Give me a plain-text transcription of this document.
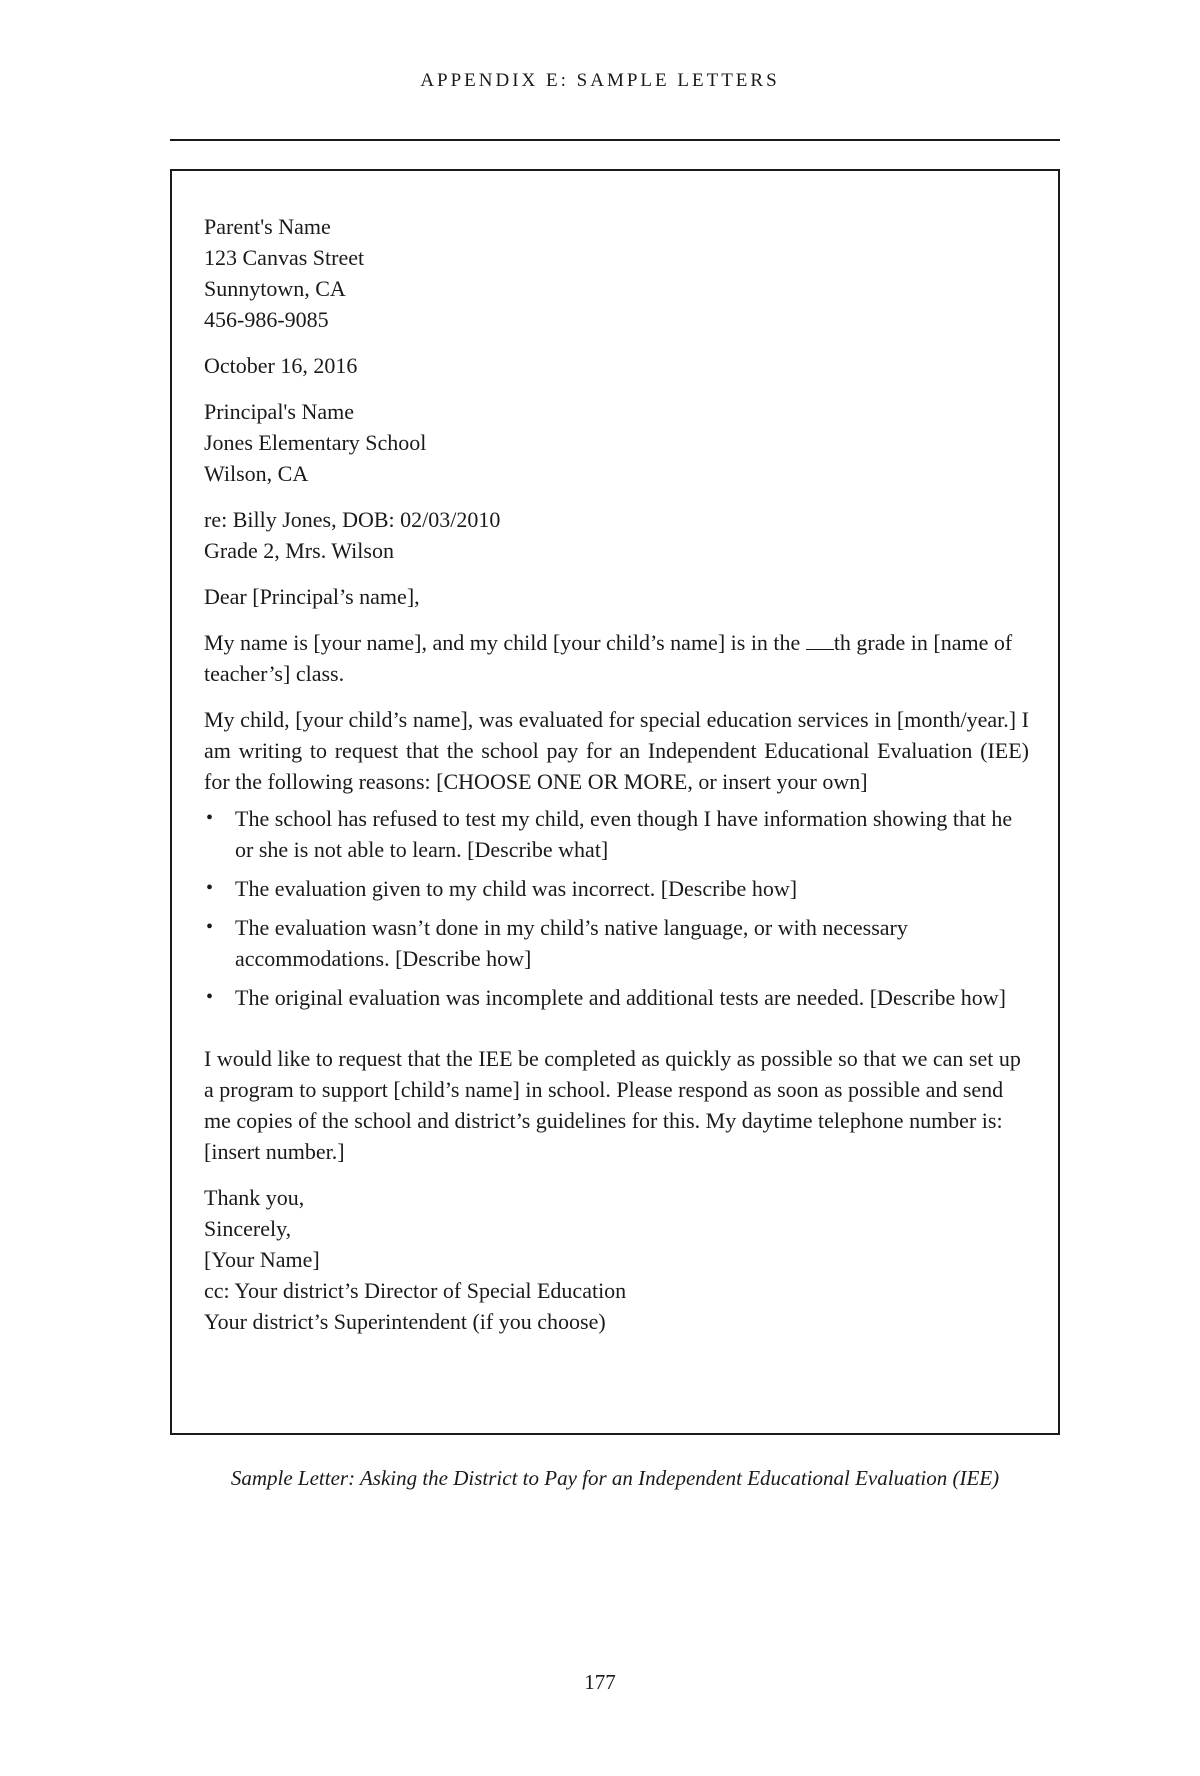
APPENDIX E: SAMPLE LETTERS

Parent's Name
123 Canvas Street
Sunnytown, CA
456-986-9085

October 16, 2016

Principal's Name
Jones Elementary School
Wilson, CA

re: Billy Jones, DOB: 02/03/2010
Grade 2, Mrs. Wilson

Dear [Principal’s name],

My name is [your name], and my child [your child’s name] is in the th grade in [name of teacher’s] class.

My child, [your child’s name], was evaluated for special education services in [month/year.] I am writing to request that the school pay for an Independent Educational Evaluation (IEE) for the following reasons: [CHOOSE ONE OR MORE, or insert your own]

• The school has refused to test my child, even though I have information showing that he or she is not able to learn. [Describe what]
• The evaluation given to my child was incorrect. [Describe how]
• The evaluation wasn’t done in my child’s native language, or with necessary accommodations. [Describe how]
• The original evaluation was incomplete and additional tests are needed. [Describe how]

I would like to request that the IEE be completed as quickly as possible so that we can set up a program to support [child’s name] in school. Please respond as soon as possible and send me copies of the school and district’s guidelines for this. My daytime telephone number is: [insert number.]

Thank you,
Sincerely,
[Your Name]
cc: Your district’s Director of Special Education
Your district’s Superintendent (if you choose)

Sample Letter: Asking the District to Pay for an Independent Educational Evaluation (IEE)
177
